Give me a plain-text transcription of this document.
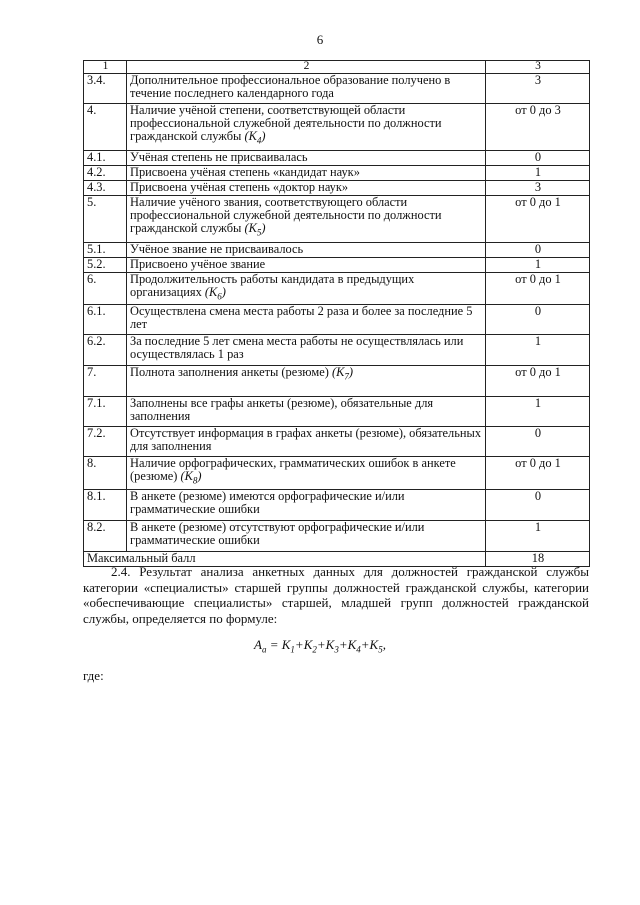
6
1	2	3
3.4.	Дополнительное профессиональное образование получено в течение последнего календарного года	3
4.	Наличие учёной степени, соответствующей области профессиональной служебной деятельности по должности гражданской службы $(K_4)$	от 0 до 3
4.1.	Учёная степень не присваивалась	0
4.2.	Присвоена учёная степень «кандидат наук»	1
4.3.	Присвоена учёная степень «доктор наук»	3
5.	Наличие учёного звания, соответствующего области профессиональной служебной деятельности по должности гражданской службы $(K_5)$	от 0 до 1
5.1.	Учёное звание не присваивалось	0
5.2.	Присвоено учёное звание	1
6.	Продолжительность работы кандидата в предыдущих организациях $(K_6)$	от 0 до 1
6.1.	Осуществлена смена места работы 2 раза и более за последние 5 лет	0
6.2.	За последние 5 лет смена места работы не осуществлялась или осуществлялась 1 раз	1
7.	Полнота заполнения анкеты (резюме) $(K_7)$	от 0 до 1
7.1.	Заполнены все графы анкеты (резюме), обязательные для заполнения	1
7.2.	Отсутствует информация в графах анкеты (резюме), обязательных для заполнения	0
8.	Наличие орфографических, грамматических ошибок в анкете (резюме) $(K_8)$	от 0 до 1
8.1.	В анкете (резюме) имеются орфографические и/или грамматические ошибки	0
8.2.	В анкете (резюме) отсутствуют орфографические и/или грамматические ошибки	1
Максимальный балл		18

2.4. Результат анализа анкетных данных для должностей гражданской службы категории «специалисты» старшей группы должностей гражданской службы, категории «обеспечивающие специалисты» старшей, младшей групп должностей гражданской службы, определяется по формуле:

$A_а = K_1+K_2+K_3+K_4+K_5$,
где:
